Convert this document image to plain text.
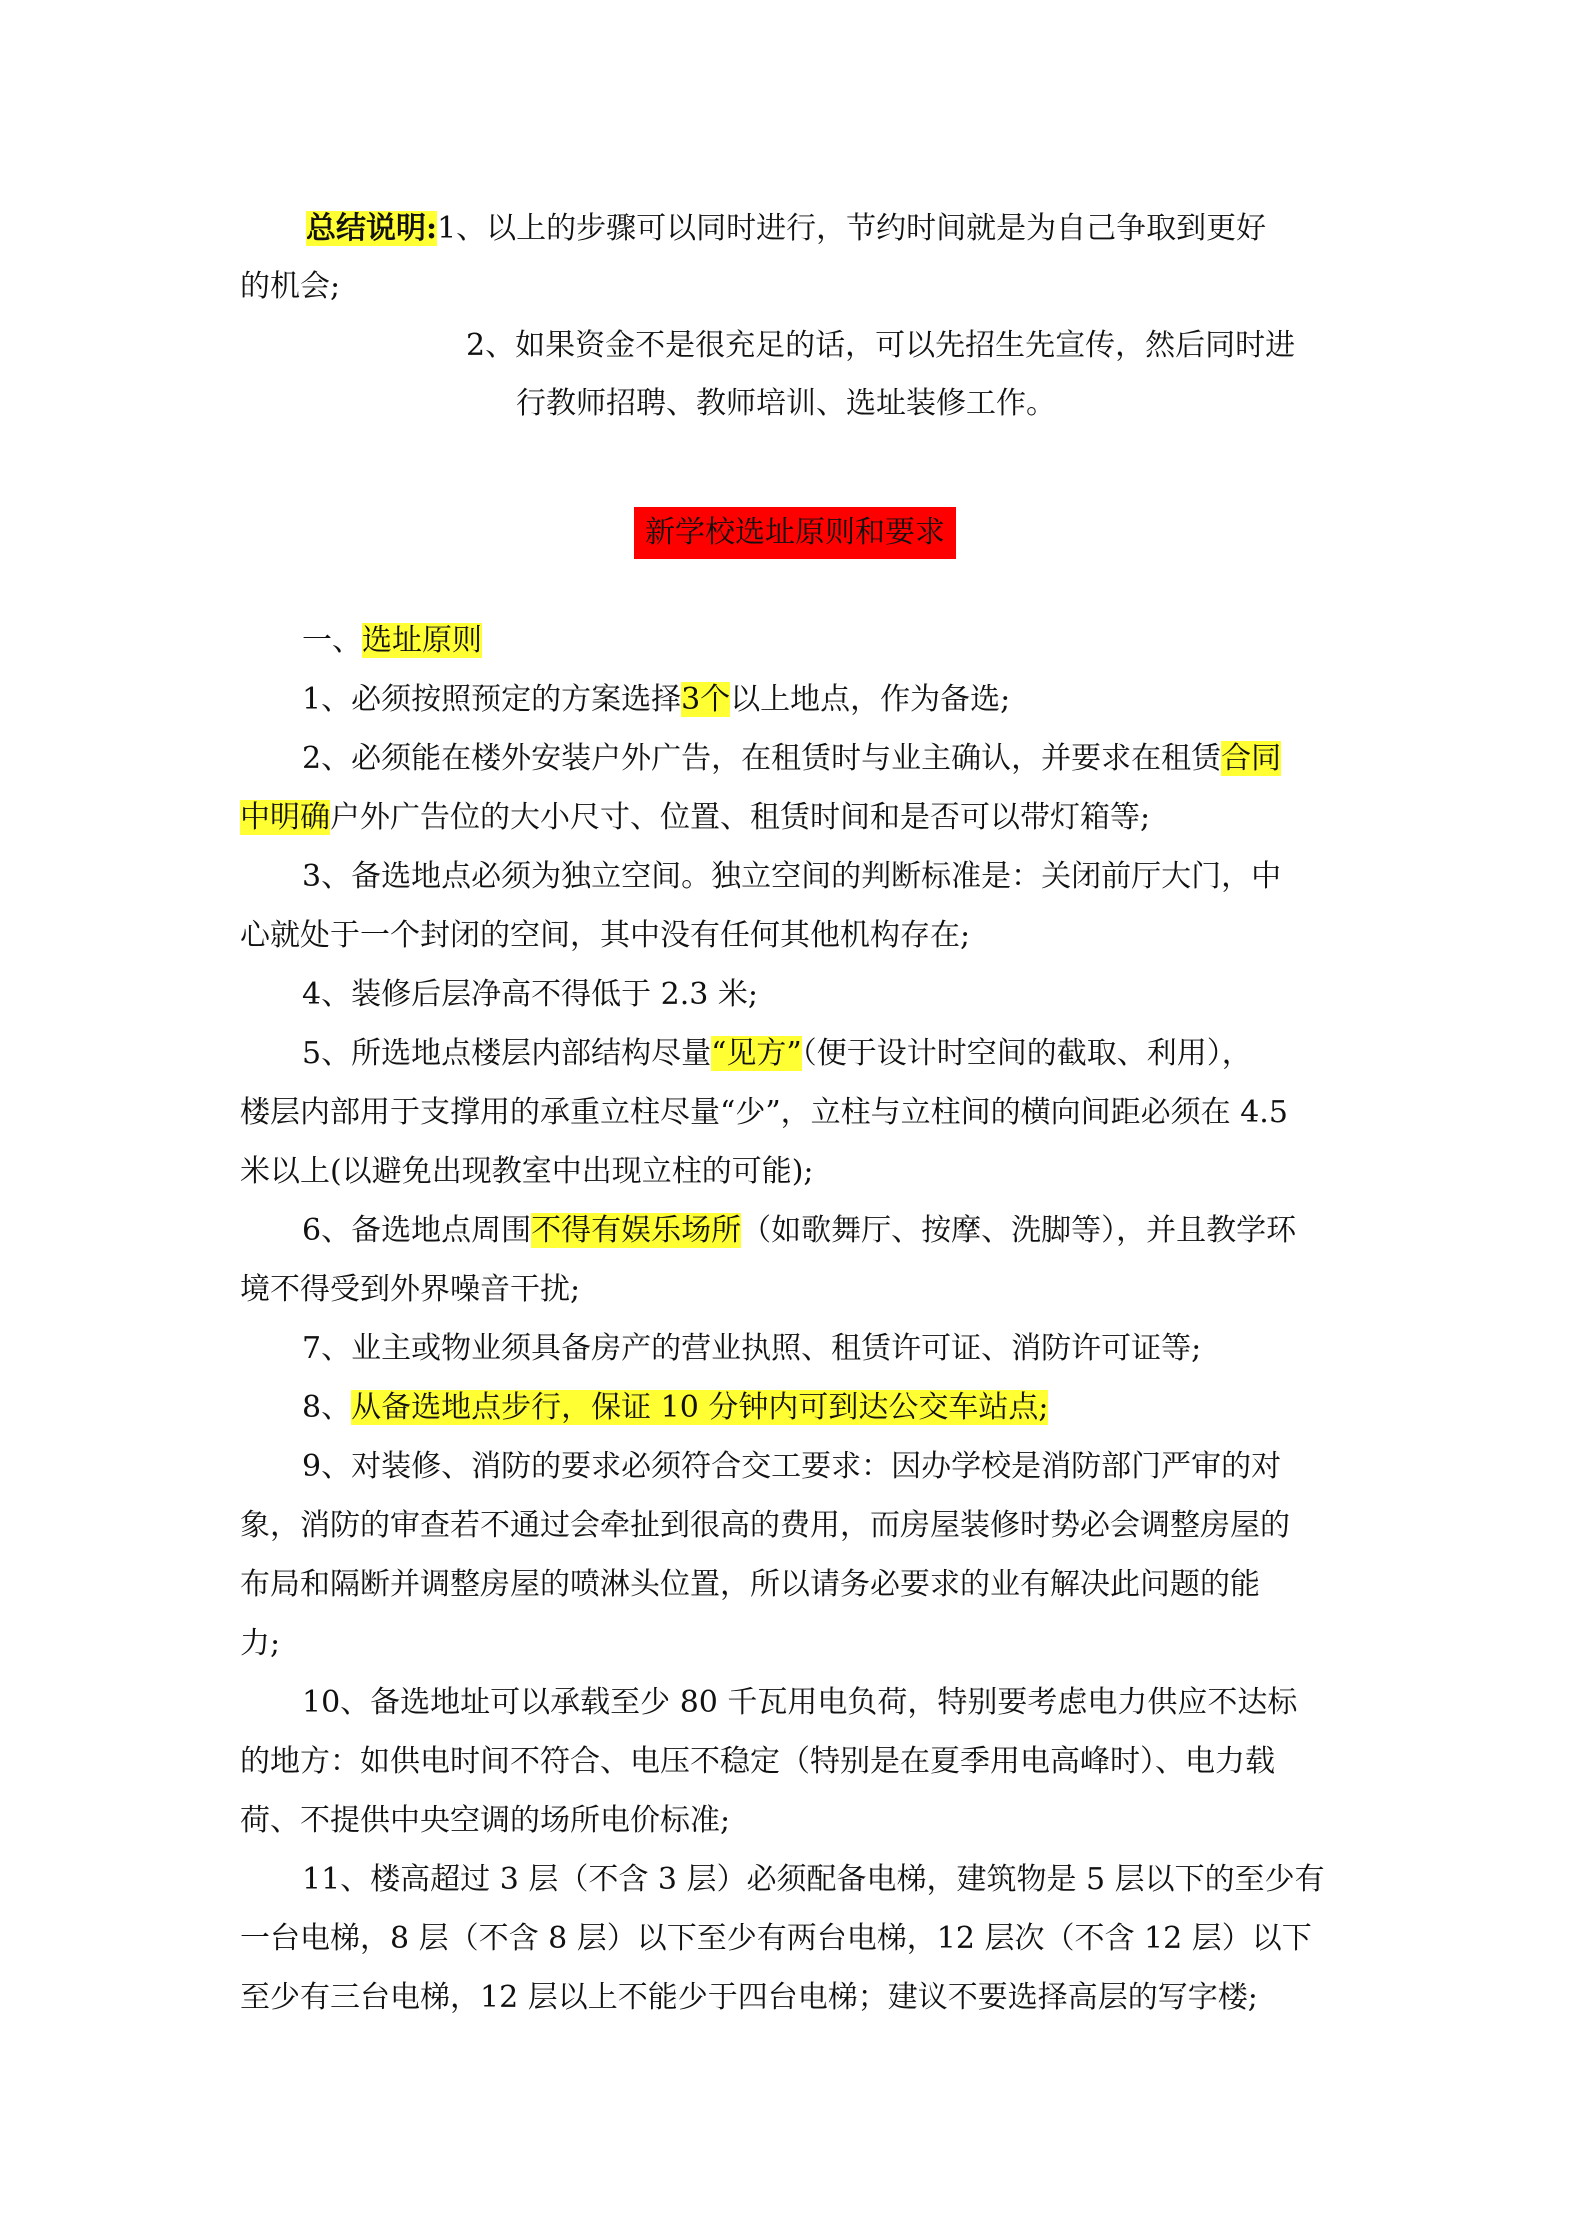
总结说明:1、以上的步骤可以同时进行，节约时间就是为自己争取到更好
的机会;
2、如果资金不是很充足的话，可以先招生先宣传，然后同时进
行教师招聘、教师培训、选址装修工作。
新学校选址原则和要求
一、选址原则
1、必须按照预定的方案选择3个以上地点，作为备选;
2、必须能在楼外安装户外广告，在租赁时与业主确认，并要求在租赁合同
中明确户外广告位的大小尺寸、位置、租赁时间和是否可以带灯箱等;
3、备选地点必须为独立空间。独立空间的判断标准是：关闭前厅大门，中
心就处于一个封闭的空间，其中没有任何其他机构存在;
4、装修后层净高不得低于 2.3 米;
5、所选地点楼层内部结构尽量“见方”（便于设计时空间的截取、利用），
楼层内部用于支撑用的承重立柱尽量“少”，立柱与立柱间的横向间距必须在 4.5
米以上(以避免出现教室中出现立柱的可能);
6、备选地点周围不得有娱乐场所（如歌舞厅、按摩、洗脚等），并且教学环
境不得受到外界噪音干扰;
7、业主或物业须具备房产的营业执照、租赁许可证、消防许可证等;
8、从备选地点步行，保证 10 分钟内可到达公交车站点;
9、对装修、消防的要求必须符合交工要求：因办学校是消防部门严审的对
象，消防的审查若不通过会牵扯到很高的费用，而房屋装修时势必会调整房屋的
布局和隔断并调整房屋的喷淋头位置，所以请务必要求的业有解决此问题的能
力;
10、备选地址可以承载至少 80 千瓦用电负荷，特别要考虑电力供应不达标
的地方：如供电时间不符合、电压不稳定（特别是在夏季用电高峰时）、电力载
荷、不提供中央空调的场所电价标准;
11、楼高超过 3 层（不含 3 层）必须配备电梯，建筑物是 5 层以下的至少有
一台电梯，8 层（不含 8 层）以下至少有两台电梯，12 层次（不含 12 层）以下
至少有三台电梯，12 层以上不能少于四台电梯；建议不要选择高层的写字楼;
